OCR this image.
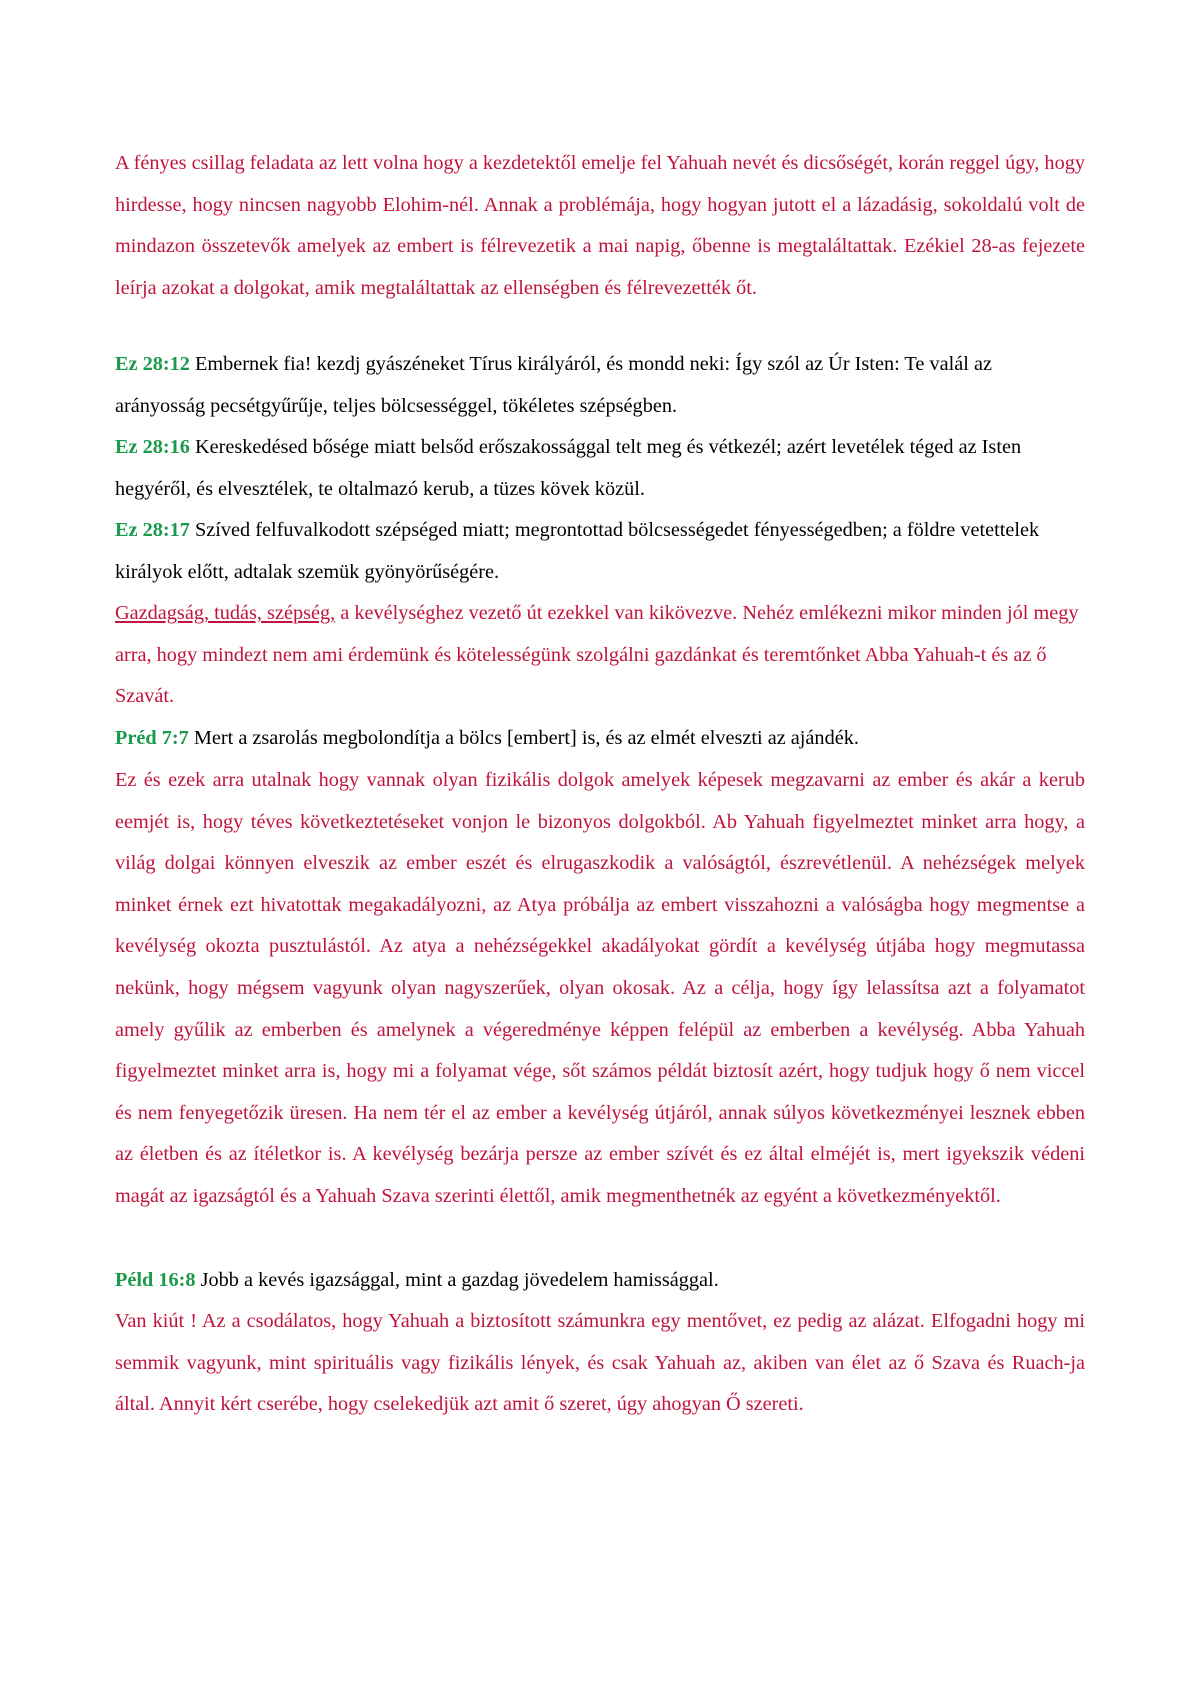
A fényes csillag feladata az lett volna hogy a kezdetektől emelje fel Yahuah nevét és dicsőségét, korán reggel úgy, hogy hirdesse, hogy nincsen nagyobb Elohim-nél. Annak a problémája, hogy hogyan jutott el a lázadásig, sokoldalú volt de mindazon összetevők amelyek az embert is félrevezetik a mai napig, őbenne is megtaláltattak. Ezékiel 28-as fejezete leírja azokat a dolgokat, amik megtaláltattak az ellenségben és félrevezették őt.

Ez 28:12 Embernek fia! kezdj gyászéneket Tírus királyáról, és mondd neki: Így szól az Úr Isten: Te valál az arányosság pecsétgyűrűje, teljes bölcsességgel, tökéletes szépségben.

Ez 28:16 Kereskedésed bősége miatt belsőd erőszakossággal telt meg és vétkezél; azért levetélek téged az Isten hegyéről, és elvesztélek, te oltalmazó kerub, a tüzes kövek közül.

Ez 28:17 Szíved felfuvalkodott szépséged miatt; megrontottad bölcsességedet fényességedben; a földre vetettelek királyok előtt, adtalak szemük gyönyörűségére.

Gazdagság, tudás, szépség, a kevélységhez vezető út ezekkel van kikövezve. Nehéz emlékezni mikor minden jól megy arra, hogy mindezt nem ami érdemünk és kötelességünk szolgálni gazdánkat és teremtőnket Abba Yahuah-t és az ő Szavát.

Préd 7:7 Mert a zsarolás megbolondítja a bölcs [embert] is, és az elmét elveszti az ajándék.

Ez és ezek arra utalnak hogy vannak olyan fizikális dolgok amelyek képesek megzavarni az ember és akár a kerub eemjét is, hogy téves következtetéseket vonjon le bizonyos dolgokból. Ab Yahuah figyelmeztet minket arra hogy, a világ dolgai könnyen elveszik az ember eszét és elrugaszkodik a valóságtól, észrevétlenül. A nehézségek melyek minket érnek ezt hivatottak megakadályozni, az Atya próbálja az embert visszahozni a valóságba hogy megmentse a kevélység okozta pusztulástól. Az atya a nehézségekkel akadályokat gördít a kevélység útjába hogy megmutassa nekünk, hogy mégsem vagyunk olyan nagyszerűek, olyan okosak. Az a célja, hogy így lelassítsa azt a folyamatot amely gyűlik az emberben és amelynek a végeredménye képpen felépül az emberben a kevélység. Abba Yahuah figyelmeztet minket arra is, hogy mi a folyamat vége, sőt számos példát biztosít azért, hogy tudjuk hogy ő nem viccel és nem fenyegetőzik üresen. Ha nem tér el az ember a kevélység útjáról, annak súlyos következményei lesznek ebben az életben és az ítéletkor is. A kevélység bezárja persze az ember szívét és ez által elméjét is, mert igyekszik védeni magát az igazságtól és a Yahuah Szava szerinti élettől, amik megmenthetnék az egyént a következményektől.

Péld 16:8 Jobb a kevés igazsággal, mint a gazdag jövedelem hamissággal.

Van kiút ! Az a csodálatos, hogy Yahuah a biztosított számunkra egy mentővet, ez pedig az alázat. Elfogadni hogy mi semmik vagyunk, mint spirituális vagy fizikális lények, és csak Yahuah az, akiben van élet az ő Szava és Ruach-ja által. Annyit kért cserébe, hogy cselekedjük azt amit ő szeret, úgy ahogyan Ő szereti.
